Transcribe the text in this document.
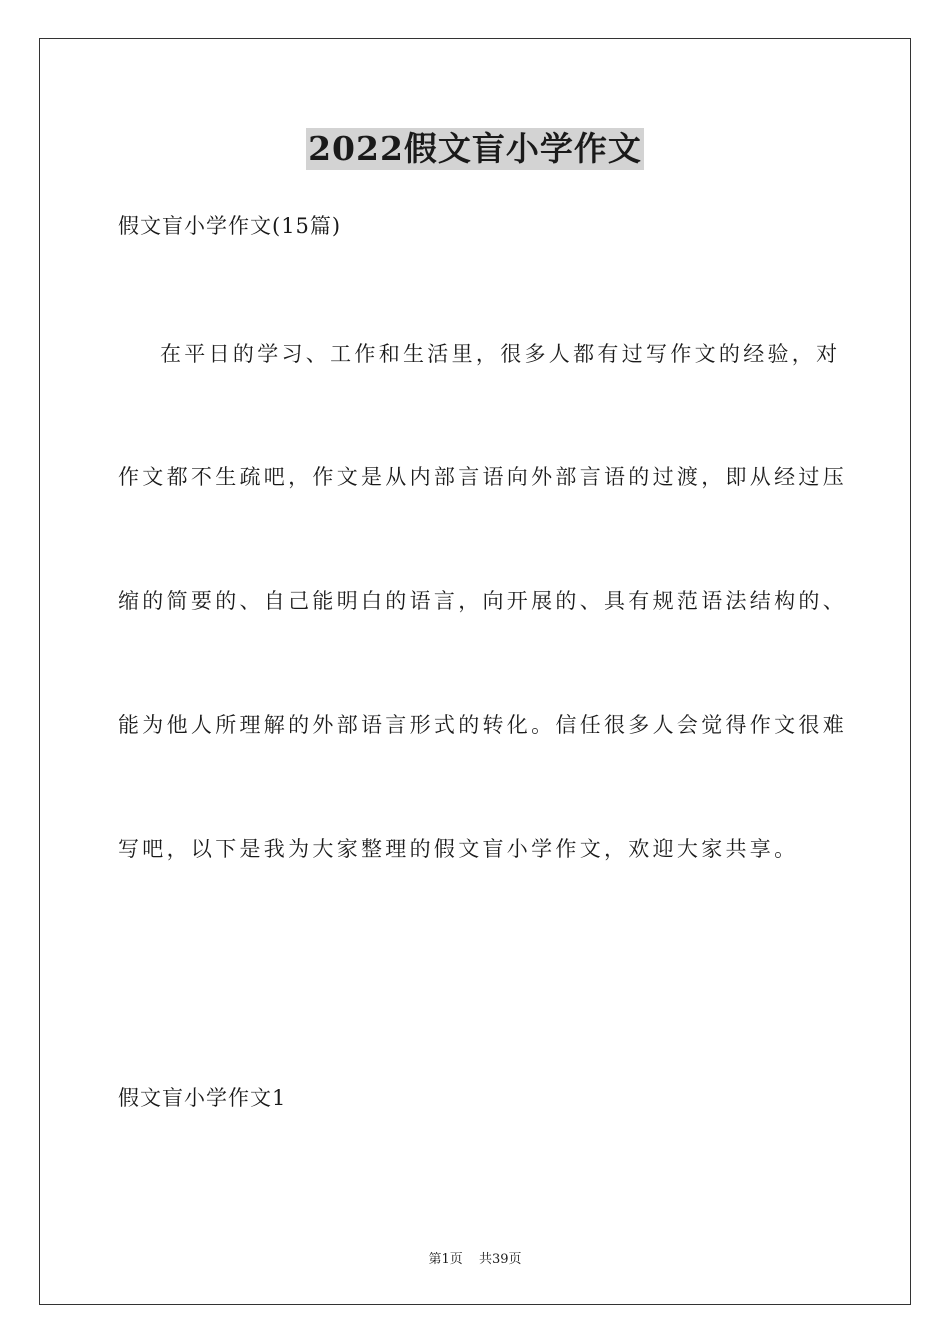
2022假文盲小学作文
假文盲小学作文(15篇)
在平日的学习、工作和生活里，很多人都有过写作文的经验，对
作文都不生疏吧，作文是从内部言语向外部言语的过渡，即从经过压
缩的简要的、自己能明白的语言，向开展的、具有规范语法结构的、
能为他人所理解的外部语言形式的转化。信任很多人会觉得作文很难
写吧，以下是我为大家整理的假文盲小学作文，欢迎大家共享。
假文盲小学作文1
第1页 共39页
